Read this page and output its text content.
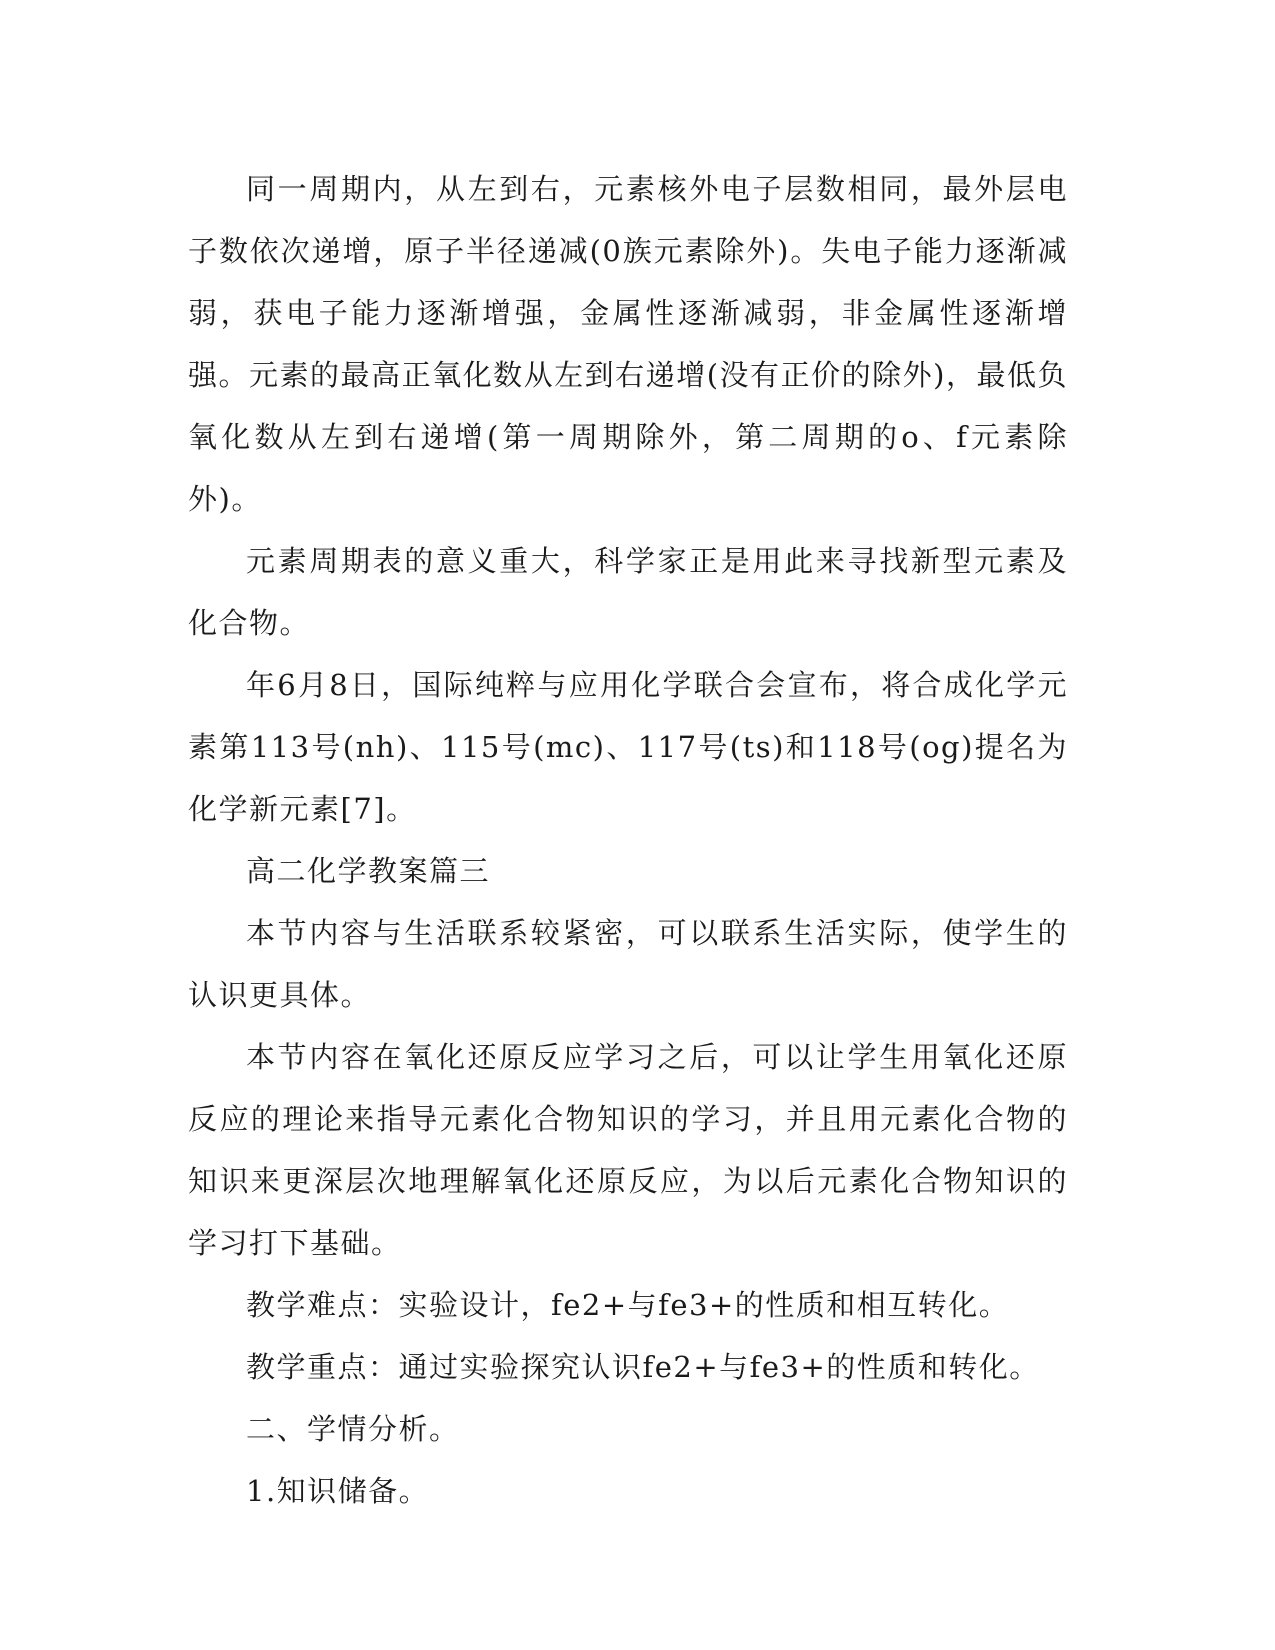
同一周期内，从左到右，元素核外电子层数相同，最外层电子数依次递增，原子半径递减(0族元素除外)。失电子能力逐渐减弱，获电子能力逐渐增强，金属性逐渐减弱，非金属性逐渐增强。元素的最高正氧化数从左到右递增(没有正价的除外)，最低负氧化数从左到右递增(第一周期除外，第二周期的o、f元素除外)。

元素周期表的意义重大，科学家正是用此来寻找新型元素及化合物。

年6月8日，国际纯粹与应用化学联合会宣布，将合成化学元素第113号(nh)、115号(mc)、117号(ts)和118号(og)提名为化学新元素[7]。

高二化学教案篇三

本节内容与生活联系较紧密，可以联系生活实际，使学生的认识更具体。

本节内容在氧化还原反应学习之后，可以让学生用氧化还原反应的理论来指导元素化合物知识的学习，并且用元素化合物的知识来更深层次地理解氧化还原反应，为以后元素化合物知识的学习打下基础。

教学难点：实验设计，fe2+与fe3+的性质和相互转化。

教学重点：通过实验探究认识fe2+与fe3+的性质和转化。

二、学情分析。

1.知识储备。
